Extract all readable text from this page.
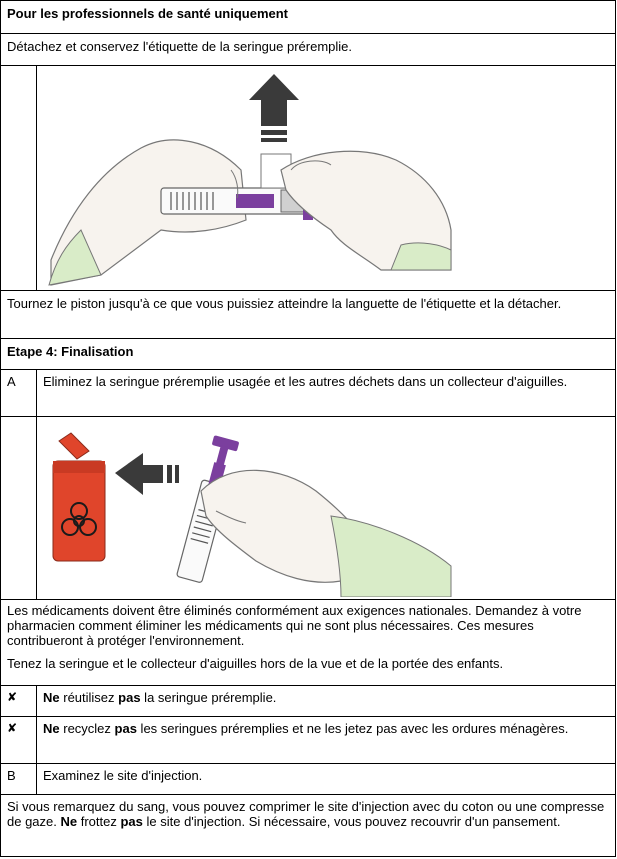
Pour les professionnels de santé uniquement
Détachez et conservez l'étiquette de la seringue préremplie.
Tournez le piston jusqu'à ce que vous puissiez atteindre la languette de l'étiquette et la détacher.
Etape 4: Finalisation
A Eliminez la seringue préremplie usagée et les autres déchets dans un collecteur d'aiguilles.
Les médicaments doivent être éliminés conformément aux exigences nationales. Demandez à votre pharmacien comment éliminer les médicaments qui ne sont plus nécessaires. Ces mesures contribueront à protéger l'environnement.
Tenez la seringue et le collecteur d'aiguilles hors de la vue et de la portée des enfants.
✘ Ne réutilisez pas la seringue préremplie.
✘ Ne recyclez pas les seringues préremplies et ne les jetez pas avec les ordures ménagères.
B Examinez le site d'injection.
Si vous remarquez du sang, vous pouvez comprimer le site d'injection avec du coton ou une compresse de gaze. Ne frottez pas le site d'injection. Si nécessaire, vous pouvez recouvrir d'un pansement.
